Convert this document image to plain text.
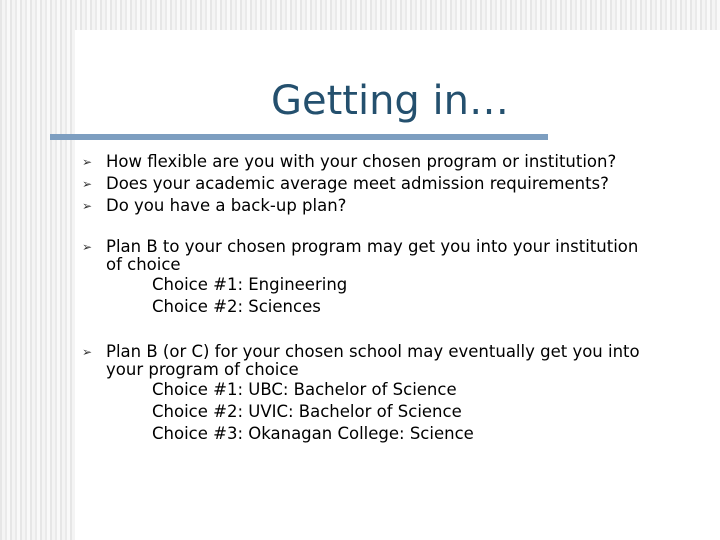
Getting in…
➢ How flexible are you with your chosen program or institution?
➢ Does your academic average meet admission requirements?
➢ Do you have a back-up plan?
➢ Plan B to your chosen program may get you into your institution
of choice
Choice #1: Engineering
Choice #2: Sciences
➢ Plan B (or C) for your chosen school may eventually get you into
your program of choice
Choice #1: UBC: Bachelor of Science
Choice #2: UVIC: Bachelor of Science
Choice #3: Okanagan College: Science
